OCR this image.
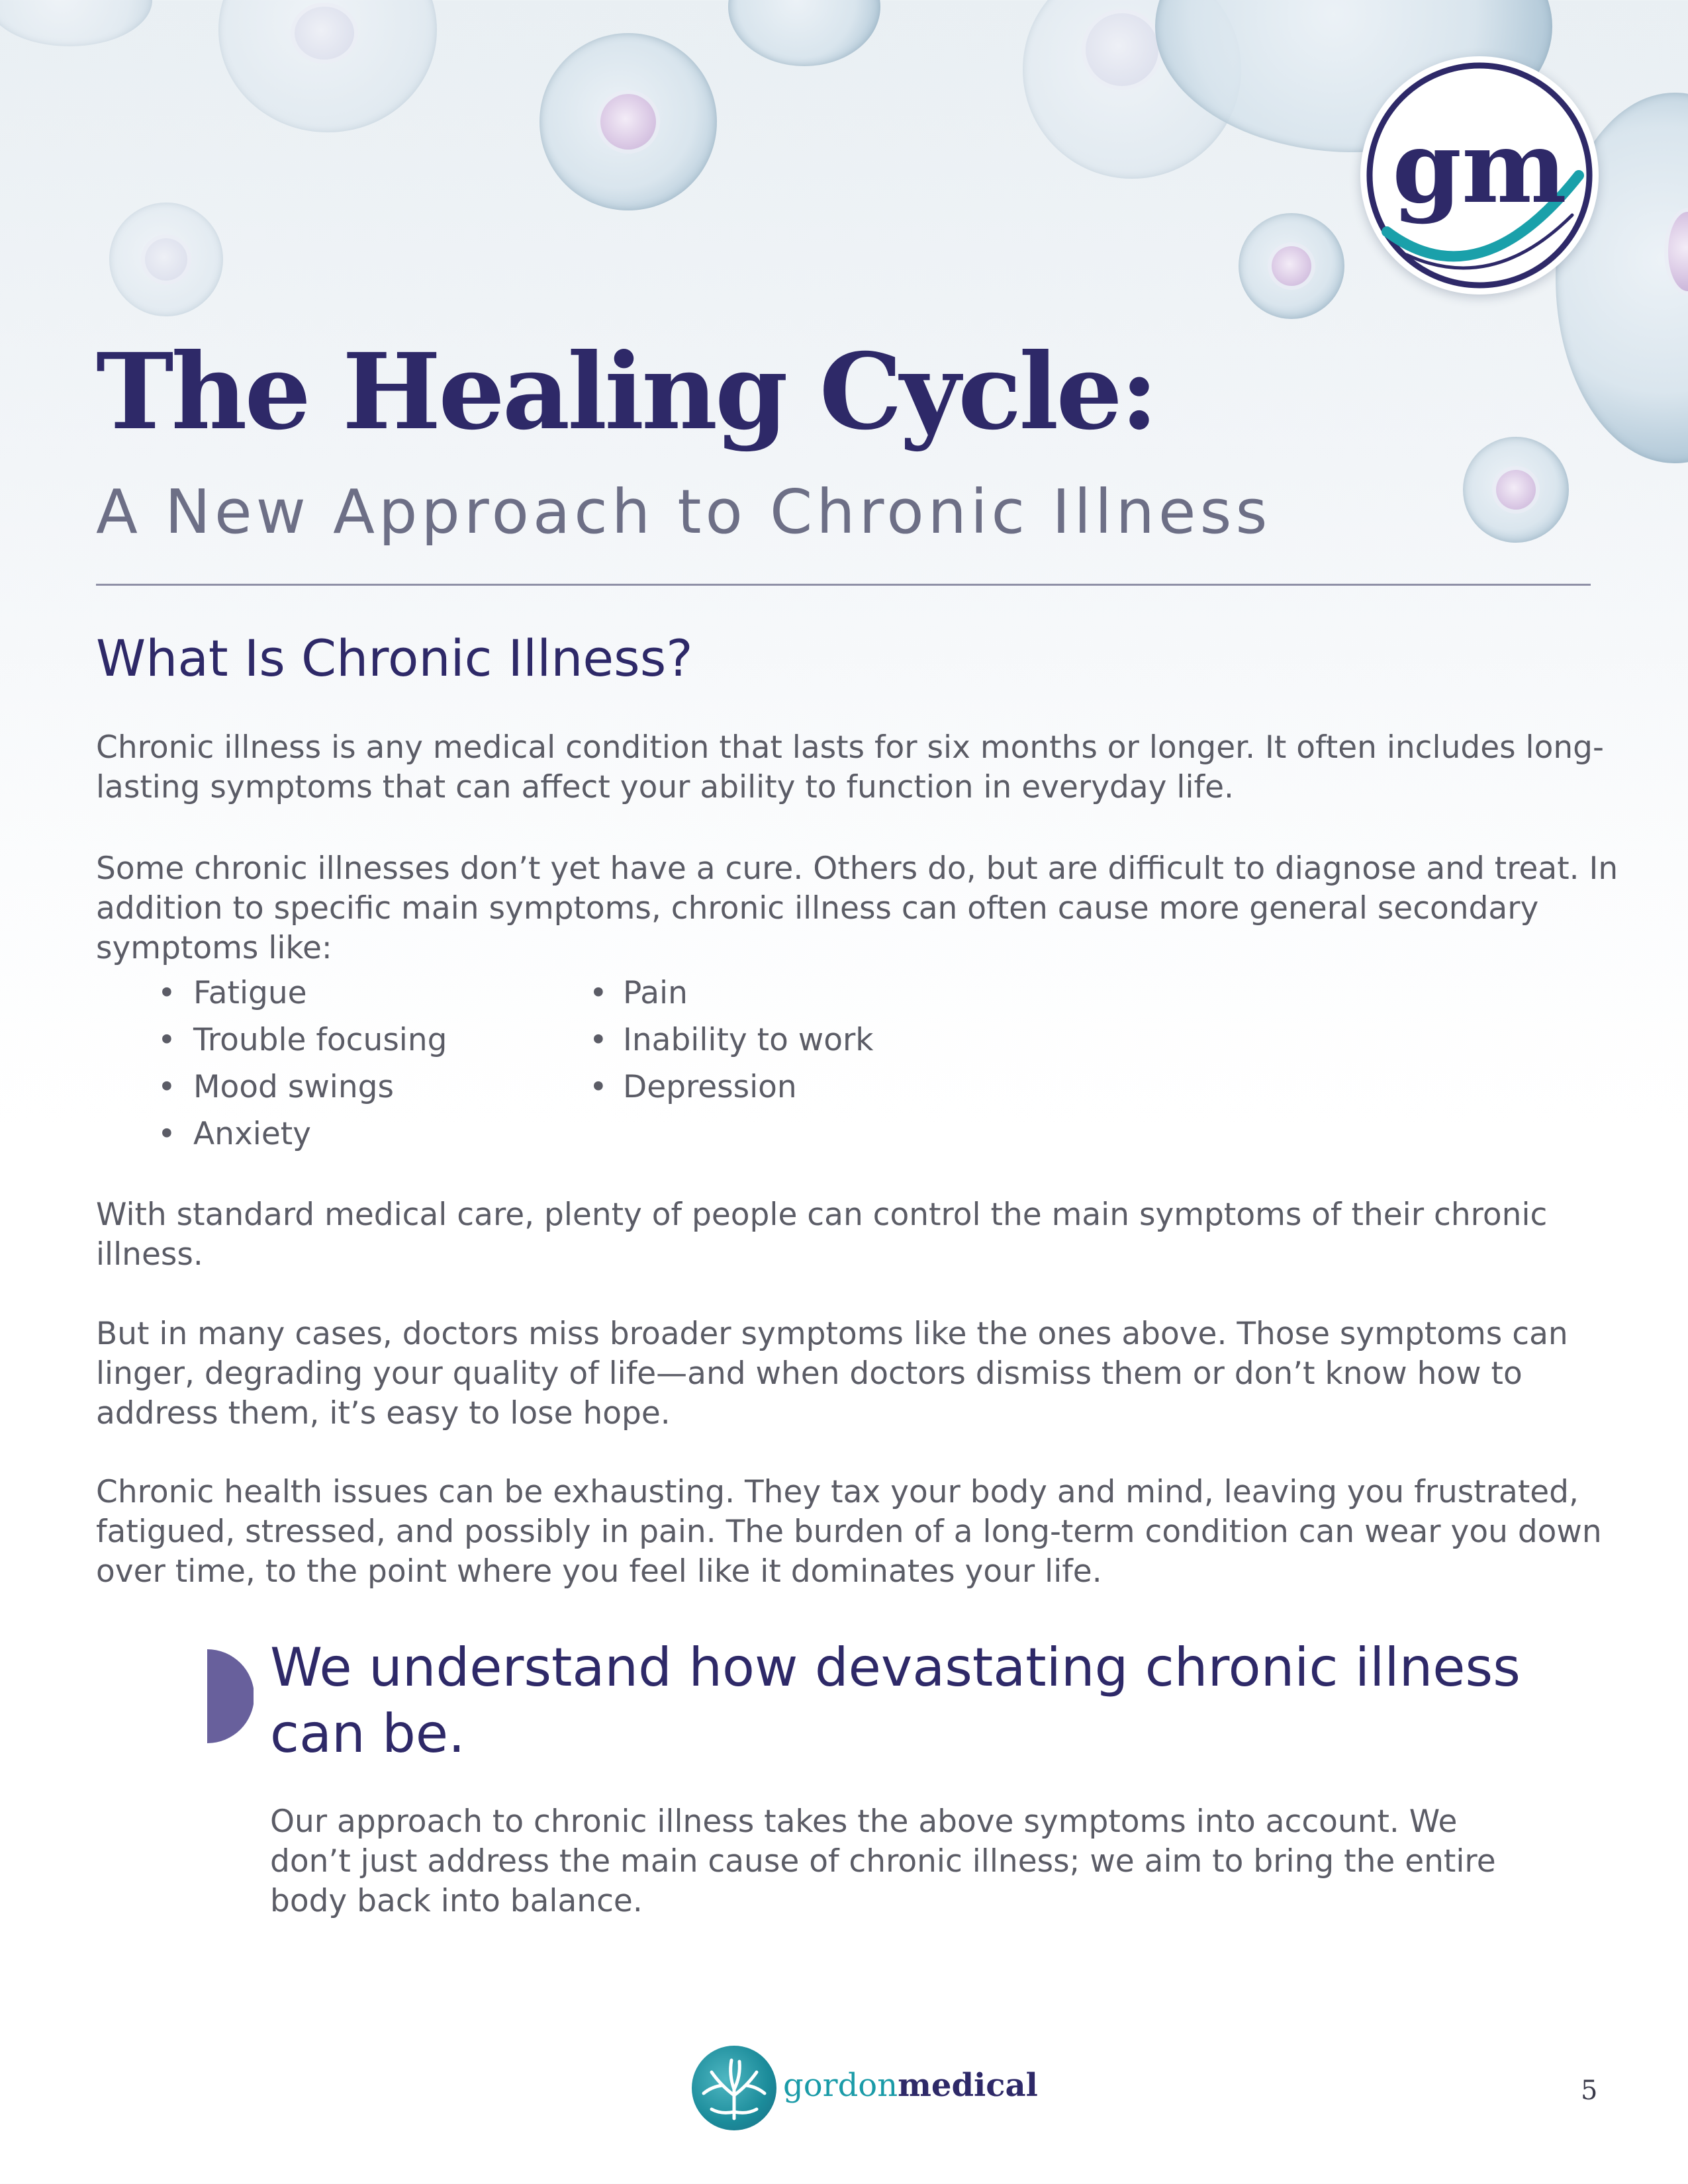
gm
The Healing Cycle:
A New Approach to Chronic Illness
What Is Chronic Illness?

Chronic illness is any medical condition that lasts for six months or longer. It often includes long-lasting symptoms that can affect your ability to function in everyday life.

Some chronic illnesses don’t yet have a cure. Others do, but are difficult to diagnose and treat. In addition to specific main symptoms, chronic illness can often cause more general secondary symptoms like:

• Fatigue
• Trouble focusing
• Mood swings
• Anxiety
• Pain
• Inability to work
• Depression

With standard medical care, plenty of people can control the main symptoms of their chronic illness.

But in many cases, doctors miss broader symptoms like the ones above. Those symptoms can linger, degrading your quality of life—and when doctors dismiss them or don’t know how to address them, it’s easy to lose hope.

Chronic health issues can be exhausting. They tax your body and mind, leaving you frustrated, fatigued, stressed, and possibly in pain. The burden of a long-term condition can wear you down over time, to the point where you feel like it dominates your life.

We understand how devastating chronic illness can be.

Our approach to chronic illness takes the above symptoms into account. We don’t just address the main cause of chronic illness; we aim to bring the entire body back into balance.

gordonmedical	5
